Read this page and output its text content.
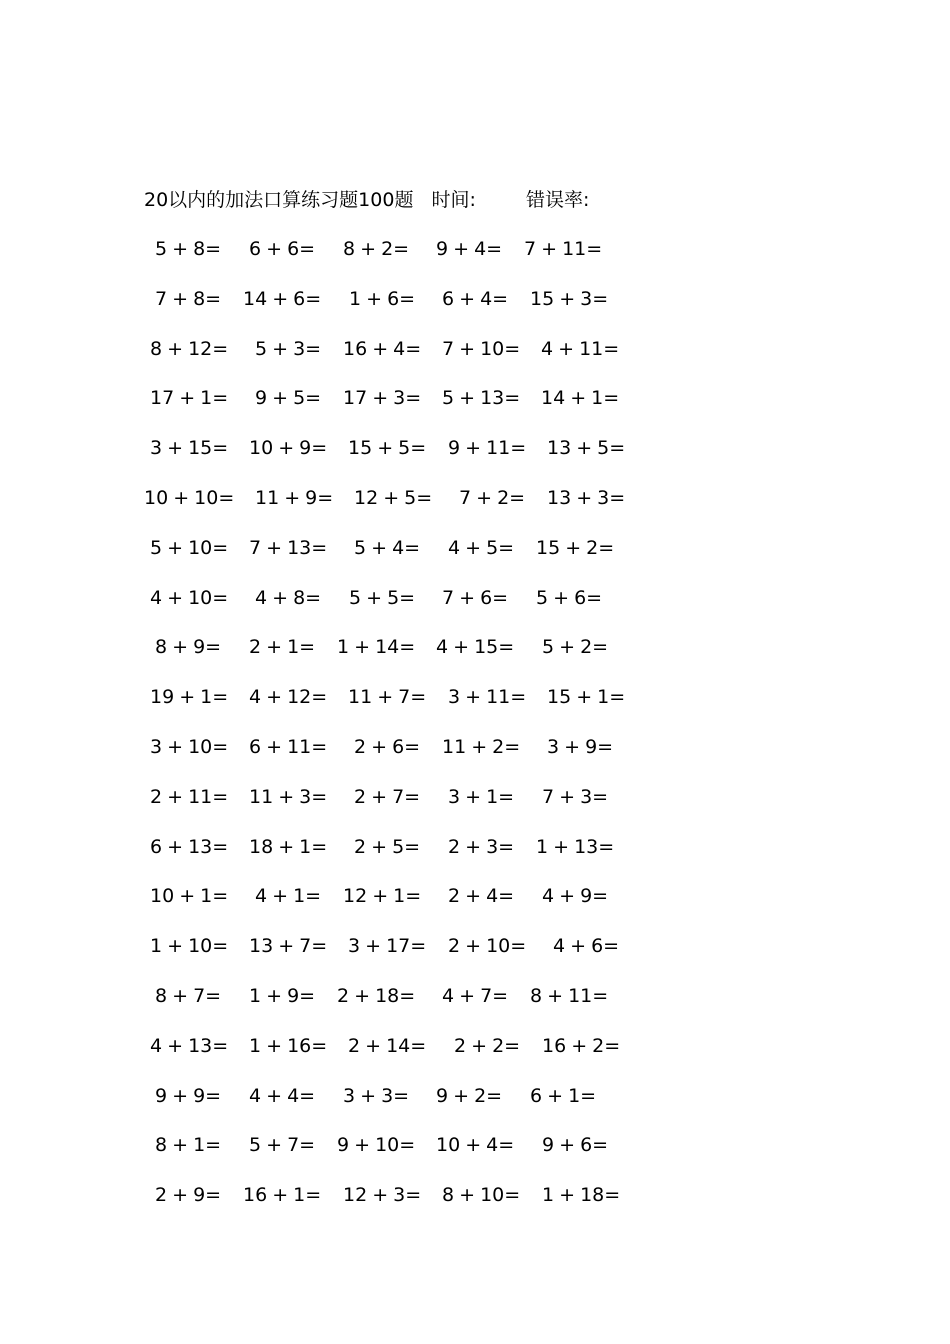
20以内的加法口算练习题100题 时间:	错误率:
5 + 8= 6 + 6= 8 + 2= 9 + 4= 7 + 11=
7 + 8= 14 + 6= 1 + 6= 6 + 4= 15 + 3=
8 + 12= 5 + 3= 16 + 4= 7 + 10= 4 + 11=
17 + 1= 9 + 5= 17 + 3= 5 + 13= 14 + 1=
3 + 15= 10 + 9= 15 + 5= 9 + 11= 13 + 5=
10 + 10= 11 + 9= 12 + 5= 7 + 2= 13 + 3=
5 + 10= 7 + 13= 5 + 4= 4 + 5= 15 + 2=
4 + 10= 4 + 8= 5 + 5= 7 + 6= 5 + 6=
8 + 9= 2 + 1= 1 + 14= 4 + 15= 5 + 2=
19 + 1= 4 + 12= 11 + 7= 3 + 11= 15 + 1=
3 + 10= 6 + 11= 2 + 6= 11 + 2= 3 + 9=
2 + 11= 11 + 3= 2 + 7= 3 + 1= 7 + 3=
6 + 13= 18 + 1= 2 + 5= 2 + 3= 1 + 13=
10 + 1= 4 + 1= 12 + 1= 2 + 4= 4 + 9=
1 + 10= 13 + 7= 3 + 17= 2 + 10= 4 + 6=
8 + 7= 1 + 9= 2 + 18= 4 + 7= 8 + 11=
4 + 13= 1 + 16= 2 + 14= 2 + 2= 16 + 2=
9 + 9= 4 + 4= 3 + 3= 9 + 2= 6 + 1=
8 + 1= 5 + 7= 9 + 10= 10 + 4= 9 + 6=
2 + 9= 16 + 1= 12 + 3= 8 + 10= 1 + 18=
